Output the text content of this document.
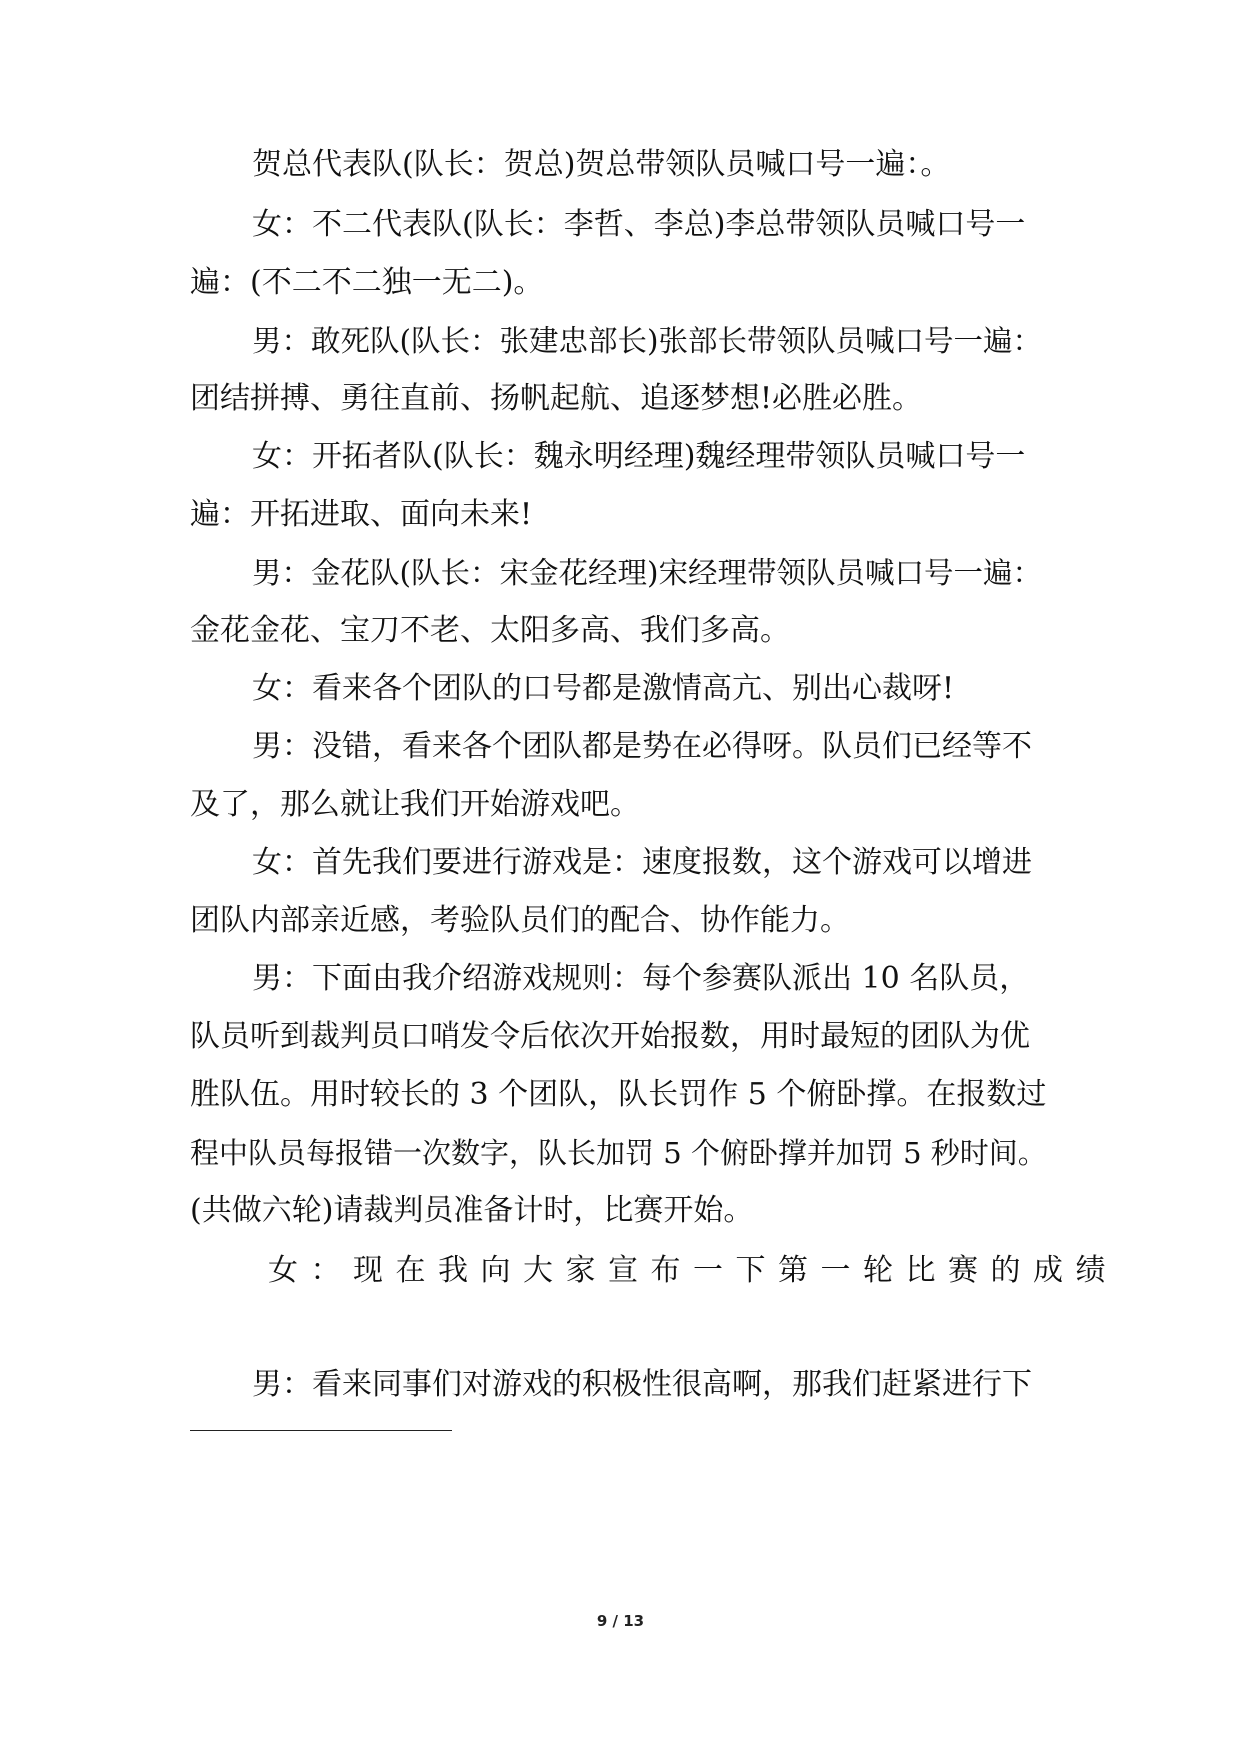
贺总代表队(队长：贺总)贺总带领队员喊口号一遍：。
女：不二代表队(队长：李哲、李总)李总带领队员喊口号一
遍：(不二不二独一无二)。
男：敢死队(队长：张建忠部长)张部长带领队员喊口号一遍：
团结拼搏、勇往直前、扬帆起航、追逐梦想!必胜必胜。
女：开拓者队(队长：魏永明经理)魏经理带领队员喊口号一
遍：开拓进取、面向未来!
男：金花队(队长：宋金花经理)宋经理带领队员喊口号一遍：
金花金花、宝刀不老、太阳多高、我们多高。
女：看来各个团队的口号都是激情高亢、别出心裁呀!
男：没错，看来各个团队都是势在必得呀。队员们已经等不
及了，那么就让我们开始游戏吧。
女：首先我们要进行游戏是：速度报数，这个游戏可以增进
团队内部亲近感，考验队员们的配合、协作能力。
男：下面由我介绍游戏规则：每个参赛队派出 10 名队员，
队员听到裁判员口哨发令后依次开始报数，用时最短的团队为优
胜队伍。用时较长的 3 个团队，队长罚作 5 个俯卧撑。在报数过
程中队员每报错一次数字，队长加罚 5 个俯卧撑并加罚 5 秒时间。
(共做六轮)请裁判员准备计时，比赛开始。
女：现在我向大家宣布一下第一轮比赛的成绩
男：看来同事们对游戏的积极性很高啊，那我们赶紧进行下
9 / 13
